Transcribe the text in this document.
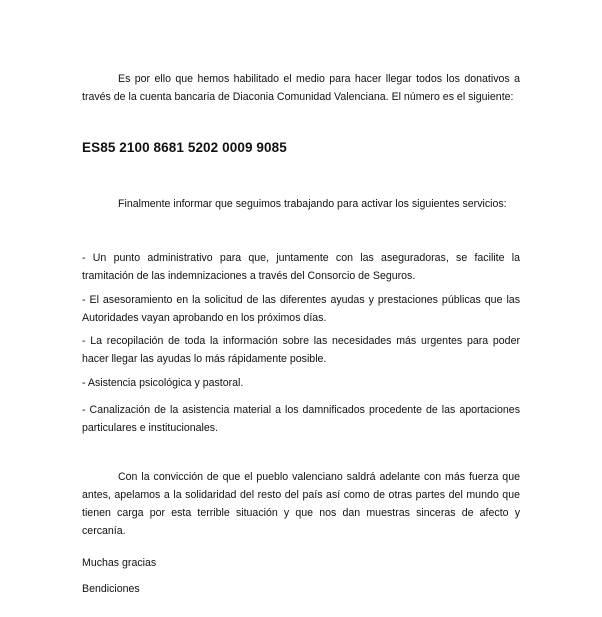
Es por ello que hemos habilitado el medio para hacer llegar todos los donativos a través de la cuenta bancaria de Diaconia Comunidad Valenciana. El número es el siguiente:

ES85 2100 8681 5202 0009 9085

Finalmente informar que seguimos trabajando para activar los siguientes servicios:

- Un punto administrativo para que, juntamente con las aseguradoras, se facilite la tramitación de las indemnizaciones a través del Consorcio de Seguros.

- El asesoramiento en la solicitud de las diferentes ayudas y prestaciones públicas que las Autoridades vayan aprobando en los próximos días.

- La recopilación de toda la información sobre las necesidades más urgentes para poder hacer llegar las ayudas lo más rápidamente posible.

- Asistencia psicológica y pastoral.

- Canalización de la asistencia material a los damnificados procedente de las aportaciones particulares e institucionales.

Con la convicción de que el pueblo valenciano saldrá adelante con más fuerza que antes, apelamos a la solidaridad del resto del país así como de otras partes del mundo que tienen carga por esta terrible situación y que nos dan muestras sinceras de afecto y cercanía.

Muchas gracias
Bendiciones
